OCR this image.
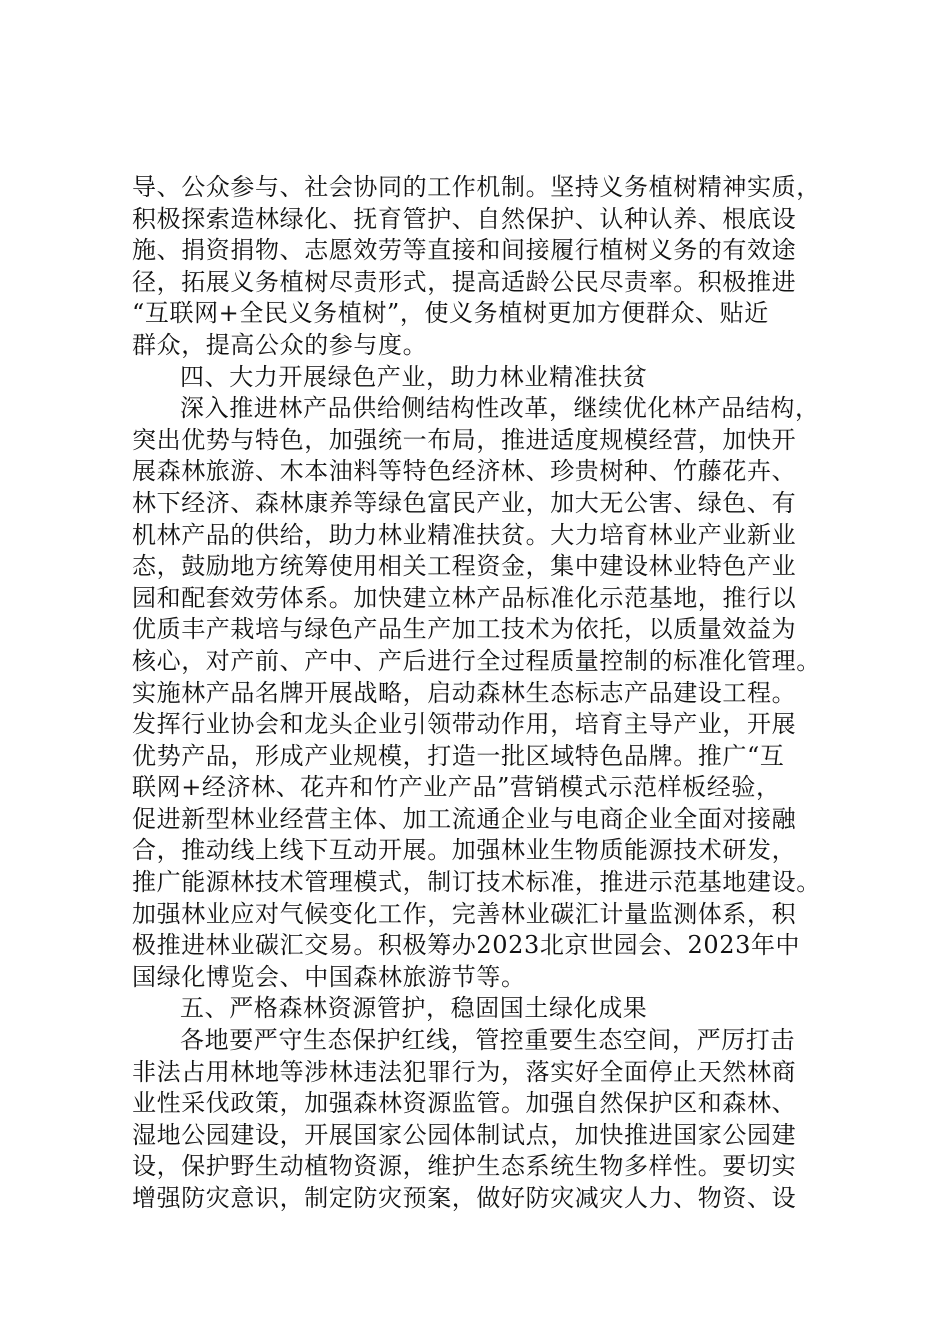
导、公众参与、社会协同的工作机制。坚持义务植树精神实质，
积极探索造林绿化、抚育管护、自然保护、认种认养、根底设
施、捐资捐物、志愿效劳等直接和间接履行植树义务的有效途
径，拓展义务植树尽责形式，提高适龄公民尽责率。积极推进
“互联网+全民义务植树”，使义务植树更加方便群众、贴近
群众，提高公众的参与度。
四、大力开展绿色产业，助力林业精准扶贫
深入推进林产品供给侧结构性改革，继续优化林产品结构，
突出优势与特色，加强统一布局，推进适度规模经营，加快开
展森林旅游、木本油料等特色经济林、珍贵树种、竹藤花卉、
林下经济、森林康养等绿色富民产业，加大无公害、绿色、有
机林产品的供给，助力林业精准扶贫。大力培育林业产业新业
态，鼓励地方统筹使用相关工程资金，集中建设林业特色产业
园和配套效劳体系。加快建立林产品标准化示范基地，推行以
优质丰产栽培与绿色产品生产加工技术为依托，以质量效益为
核心，对产前、产中、产后进行全过程质量控制的标准化管理。
实施林产品名牌开展战略，启动森林生态标志产品建设工程。
发挥行业协会和龙头企业引领带动作用，培育主导产业，开展
优势产品，形成产业规模，打造一批区域特色品牌。推广“互
联网+经济林、花卉和竹产业产品”营销模式示范样板经验，
促进新型林业经营主体、加工流通企业与电商企业全面对接融
合，推动线上线下互动开展。加强林业生物质能源技术研发，
推广能源林技术管理模式，制订技术标准，推进示范基地建设。
加强林业应对气候变化工作，完善林业碳汇计量监测体系，积
极推进林业碳汇交易。积极筹办2023北京世园会、2023年中
国绿化博览会、中国森林旅游节等。
五、严格森林资源管护，稳固国土绿化成果
各地要严守生态保护红线，管控重要生态空间，严厉打击
非法占用林地等涉林违法犯罪行为，落实好全面停止天然林商
业性采伐政策，加强森林资源监管。加强自然保护区和森林、
湿地公园建设，开展国家公园体制试点，加快推进国家公园建
设，保护野生动植物资源，维护生态系统生物多样性。要切实
增强防灾意识，制定防灾预案，做好防灾减灾人力、物资、设
